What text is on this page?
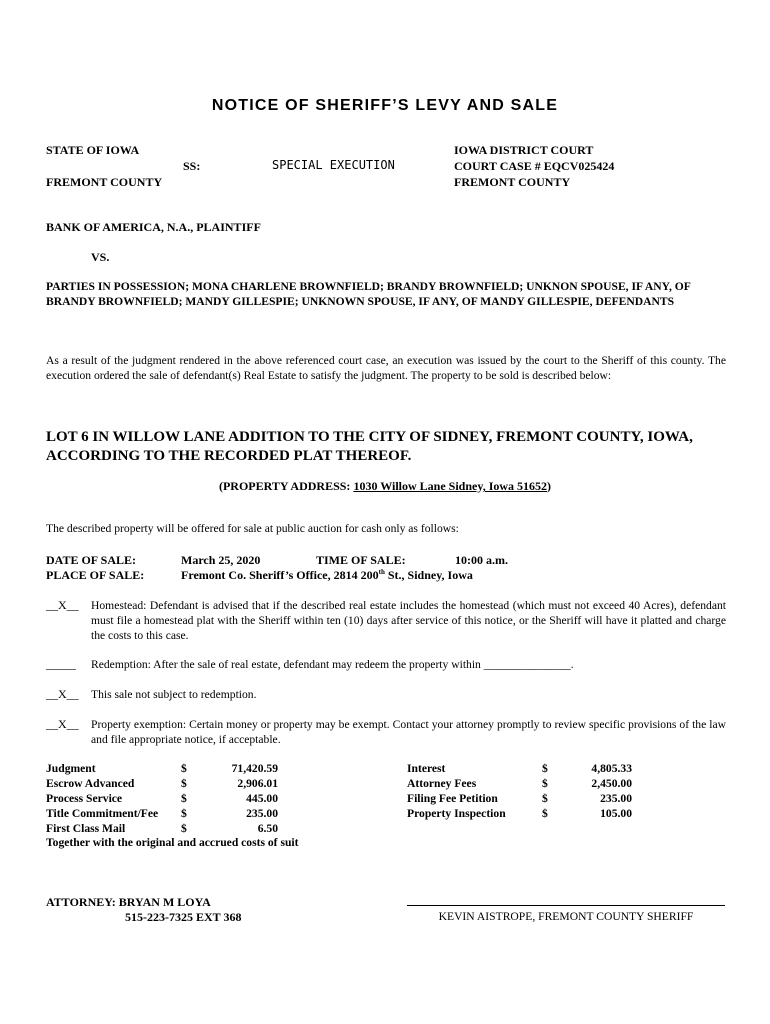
NOTICE OF SHERIFF’S LEVY AND SALE
STATE OF IOWA
SS:
FREMONT COUNTY
SPECIAL EXECUTION
IOWA DISTRICT COURT
COURT CASE # EQCV025424
FREMONT COUNTY
BANK OF AMERICA, N.A., PLAINTIFF
VS.
PARTIES IN POSSESSION; MONA CHARLENE BROWNFIELD; BRANDY BROWNFIELD; UNKNON SPOUSE, IF ANY, OF BRANDY BROWNFIELD; MANDY GILLESPIE; UNKNOWN SPOUSE, IF ANY, OF MANDY GILLESPIE, DEFENDANTS
As a result of the judgment rendered in the above referenced court case, an execution was issued by the court to the Sheriff of this county. The execution ordered the sale of defendant(s) Real Estate to satisfy the judgment. The property to be sold is described below:
LOT 6 IN WILLOW LANE ADDITION TO THE CITY OF SIDNEY, FREMONT COUNTY, IOWA, ACCORDING TO THE RECORDED PLAT THEREOF.
(PROPERTY ADDRESS: 1030 Willow Lane Sidney, Iowa 51652)
The described property will be offered for sale at public auction for cash only as follows:
DATE OF SALE:	March 25, 2020	TIME OF SALE:	10:00 a.m.
PLACE OF SALE:	Fremont Co. Sheriff’s Office, 2814 200th St., Sidney, Iowa
__X__	Homestead: Defendant is advised that if the described real estate includes the homestead (which must not exceed 40 Acres), defendant must file a homestead plat with the Sheriff within ten (10) days after service of this notice, or the Sheriff will have it platted and charge the costs to this case.
_____	Redemption: After the sale of real estate, defendant may redeem the property within _______________.
__X__	This sale not subject to redemption.
__X__	Property exemption: Certain money or property may be exempt. Contact your attorney promptly to review specific provisions of the law and file appropriate notice, if acceptable.
Judgment	$	71,420.59
Escrow Advanced	$	2,906.01
Process Service	$	445.00
Title Commitment/Fee	$	235.00
First Class Mail	$	6.50
Interest	$	4,805.33
Attorney Fees	$	2,450.00
Filing Fee Petition	$	235.00
Property Inspection	$	105.00
Together with the original and accrued costs of suit
ATTORNEY: BRYAN M LOYA
515-223-7325 EXT 368	KEVIN AISTROPE, FREMONT COUNTY SHERIFF
